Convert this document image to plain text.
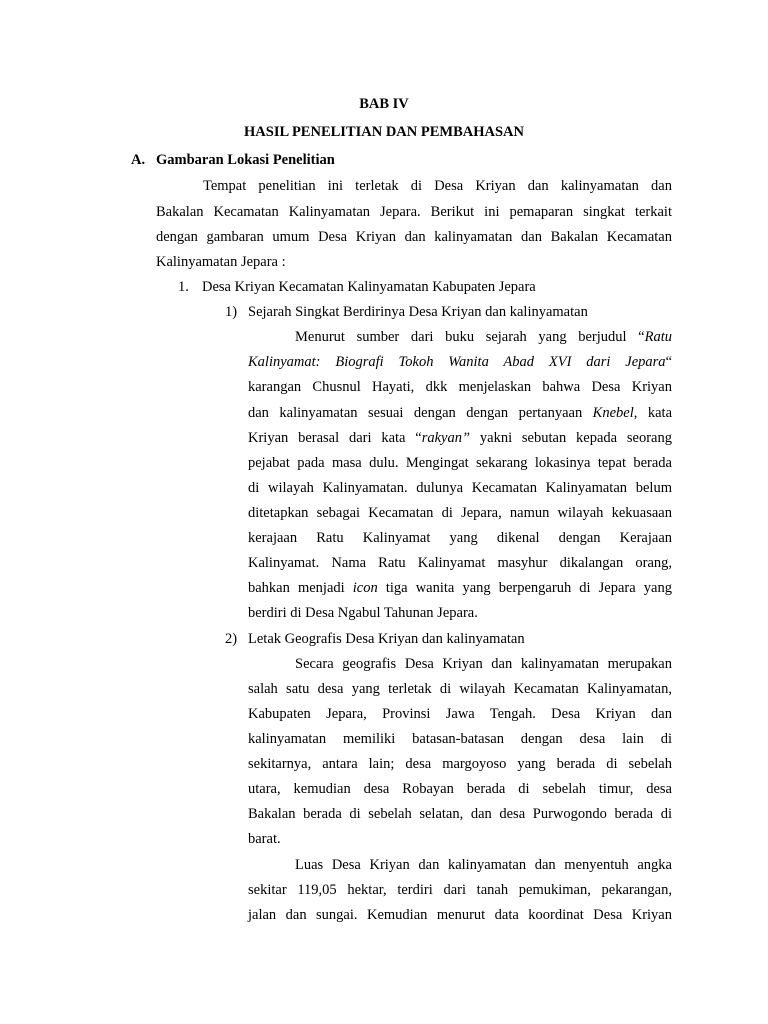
BAB IV
HASIL PENELITIAN DAN PEMBAHASAN
A. Gambaran Lokasi Penelitian
Tempat penelitian ini terletak di Desa Kriyan dan kalinyamatan dan
Bakalan Kecamatan Kalinyamatan Jepara. Berikut ini pemaparan singkat terkait
dengan gambaran umum Desa Kriyan dan kalinyamatan dan Bakalan Kecamatan
Kalinyamatan Jepara :
1. Desa Kriyan Kecamatan Kalinyamatan Kabupaten Jepara
1) Sejarah Singkat Berdirinya Desa Kriyan dan kalinyamatan
Menurut sumber dari buku sejarah yang berjudul “Ratu
Kalinyamat: Biografi Tokoh Wanita Abad XVI dari Jepara“
karangan Chusnul Hayati, dkk menjelaskan bahwa Desa Kriyan
dan kalinyamatan sesuai dengan dengan pertanyaan Knebel, kata
Kriyan berasal dari kata “rakyan” yakni sebutan kepada seorang
pejabat pada masa dulu. Mengingat sekarang lokasinya tepat berada
di wilayah Kalinyamatan. dulunya Kecamatan Kalinyamatan belum
ditetapkan sebagai Kecamatan di Jepara, namun wilayah kekuasaan
kerajaan Ratu Kalinyamat yang dikenal dengan Kerajaan
Kalinyamat. Nama Ratu Kalinyamat masyhur dikalangan orang,
bahkan menjadi icon tiga wanita yang berpengaruh di Jepara yang
berdiri di Desa Ngabul Tahunan Jepara.
2) Letak Geografis Desa Kriyan dan kalinyamatan
Secara geografis Desa Kriyan dan kalinyamatan merupakan
salah satu desa yang terletak di wilayah Kecamatan Kalinyamatan,
Kabupaten Jepara, Provinsi Jawa Tengah. Desa Kriyan dan
kalinyamatan memiliki batasan-batasan dengan desa lain di
sekitarnya, antara lain; desa margoyoso yang berada di sebelah
utara, kemudian desa Robayan berada di sebelah timur, desa
Bakalan berada di sebelah selatan, dan desa Purwogondo berada di
barat.
Luas Desa Kriyan dan kalinyamatan dan menyentuh angka
sekitar 119,05 hektar, terdiri dari tanah pemukiman, pekarangan,
jalan dan sungai. Kemudian menurut data koordinat Desa Kriyan
